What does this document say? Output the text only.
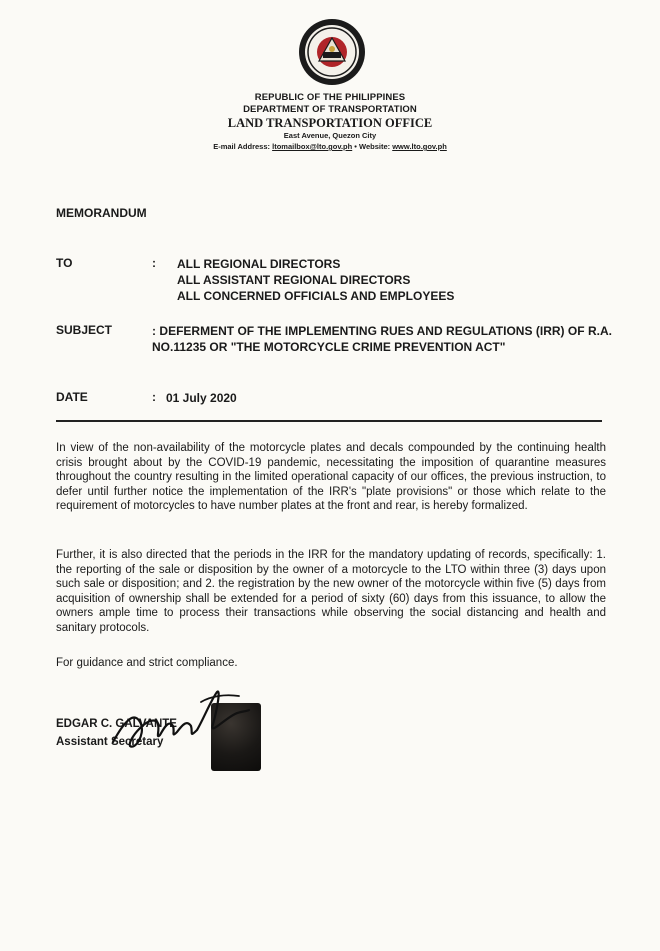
REPUBLIC OF THE PHILIPPINES
DEPARTMENT OF TRANSPORTATION
LAND TRANSPORTATION OFFICE
East Avenue, Quezon City
E-mail Address: ltomailbox@lto.gov.ph • Website: www.lto.gov.ph
MEMORANDUM
TO	: ALL REGIONAL DIRECTORS
ALL ASSISTANT REGIONAL DIRECTORS
ALL CONCERNED OFFICIALS AND EMPLOYEES
SUBJECT	: DEFERMENT OF THE IMPLEMENTING RUES AND REGULATIONS (IRR) OF R.A. NO.11235 OR "THE MOTORCYCLE CRIME PREVENTION ACT"
DATE	: 01 July 2020
In view of the non-availability of the motorcycle plates and decals compounded by the continuing health crisis brought about by the COVID-19 pandemic, necessitating the imposition of quarantine measures throughout the country resulting in the limited operational capacity of our offices, the previous instruction, to defer until further notice the implementation of the IRR's "plate provisions" or those which relate to the requirement of motorcycles to have number plates at the front and rear, is hereby formalized.
Further, it is also directed that the periods in the IRR for the mandatory updating of records, specifically: 1. the reporting of the sale or disposition by the owner of a motorcycle to the LTO within three (3) days upon such sale or disposition; and 2. the registration by the new owner of the motorcycle within five (5) days from acquisition of ownership shall be extended for a period of sixty (60) days from this issuance, to allow the owners ample time to process their transactions while observing the social distancing and health and sanitary protocols.
For guidance and strict compliance.
EDGAR C. GALVANTE
Assistant Secretary
